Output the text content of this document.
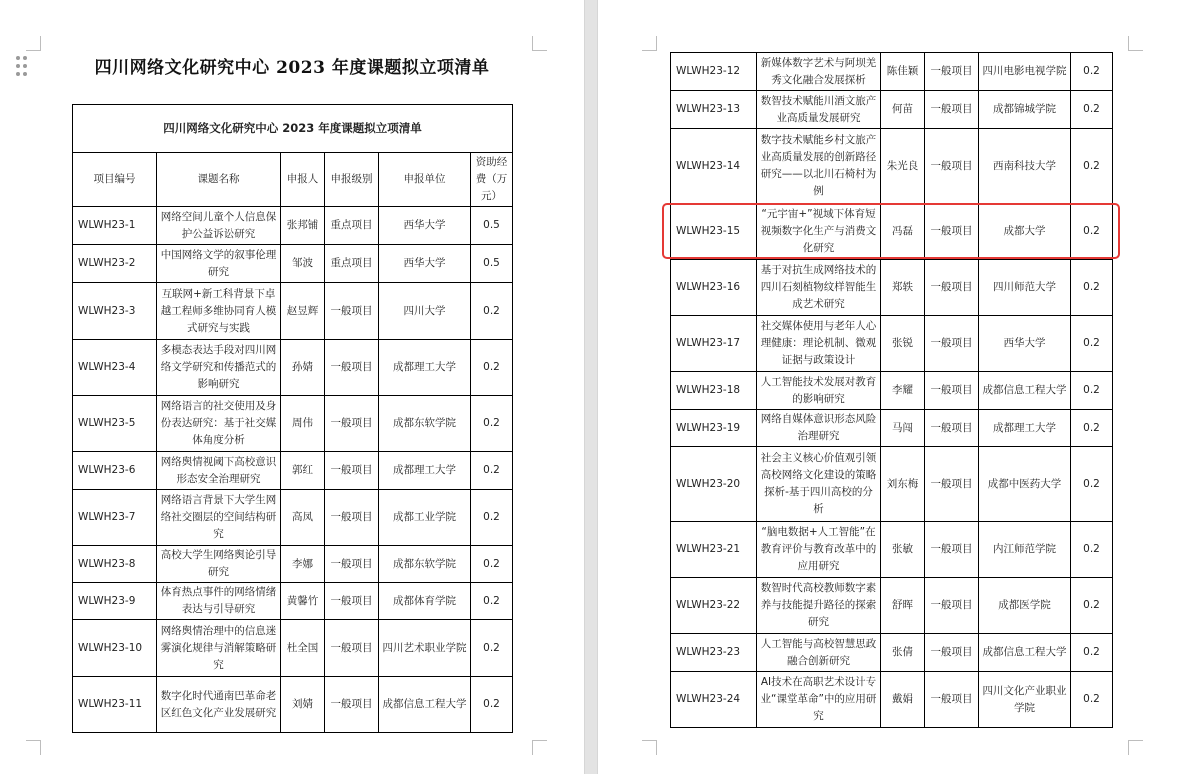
四川网络文化研究中心 2023 年度课题拟立项清单
四川网络文化研究中心 2023 年度课题拟立项清单					
项目编号	课题名称	申报人	申报级别	申报单位	资助经费（万元）
WLWH23-1	网络空间儿童个人信息保护公益诉讼研究	张邦铺	重点项目	西华大学	0.5
WLWH23-2	中国网络文学的叙事伦理研究	邹波	重点项目	西华大学	0.5
WLWH23-3	互联网+新工科背景下卓越工程师多维协同育人模式研究与实践	赵昱辉	一般项目	四川大学	0.2
WLWH23-4	多模态表达手段对四川网络文学研究和传播范式的影响研究	孙婧	一般项目	成都理工大学	0.2
WLWH23-5	网络语言的社交使用及身份表达研究：基于社交媒体角度分析	周伟	一般项目	成都东软学院	0.2
WLWH23-6	网络舆情视阈下高校意识形态安全治理研究	郭红	一般项目	成都理工大学	0.2
WLWH23-7	网络语言背景下大学生网络社交圈层的空间结构研究	高凤	一般项目	成都工业学院	0.2
WLWH23-8	高校大学生网络舆论引导研究	李娜	一般项目	成都东软学院	0.2
WLWH23-9	体育热点事件的网络情绪表达与引导研究	黄馨竹	一般项目	成都体育学院	0.2
WLWH23-10	网络舆情治理中的信息迷雾演化规律与消解策略研究	杜全国	一般项目	四川艺术职业学院	0.2
WLWH23-11	数字化时代通南巴革命老区红色文化产业发展研究	刘婧	一般项目	成都信息工程大学	0.2
WLWH23-12	新媒体数字艺术与阿坝羌秀文化融合发展探析	陈佳颖	一般项目	四川电影电视学院	0.2
WLWH23-13	数智技术赋能川酒文旅产业高质量发展研究	何苗	一般项目	成都锦城学院	0.2
WLWH23-14	数字技术赋能乡村文旅产业高质量发展的创新路径研究——以北川石椅村为例	朱光良	一般项目	西南科技大学	0.2
WLWH23-15	“元宇宙+”视域下体育短视频数字化生产与消费文化研究	冯磊	一般项目	成都大学	0.2
WLWH23-16	基于对抗生成网络技术的四川石刻植物纹样智能生成艺术研究	郑轶	一般项目	四川师范大学	0.2
WLWH23-17	社交媒体使用与老年人心理健康：理论机制、微观证据与政策设计	张锐	一般项目	西华大学	0.2
WLWH23-18	人工智能技术发展对教育的影响研究	李耀	一般项目	成都信息工程大学	0.2
WLWH23-19	网络自媒体意识形态风险治理研究	马闯	一般项目	成都理工大学	0.2
WLWH23-20	社会主义核心价值观引领高校网络文化建设的策略探析-基于四川高校的分析	刘东梅	一般项目	成都中医药大学	0.2
WLWH23-21	“脑电数据+人工智能”在教育评价与教育改革中的应用研究	张敏	一般项目	内江师范学院	0.2
WLWH23-22	数智时代高校教师数字素养与技能提升路径的探索研究	舒晖	一般项目	成都医学院	0.2
WLWH23-23	人工智能与高校智慧思政融合创新研究	张倩	一般项目	成都信息工程大学	0.2
WLWH23-24	AI技术在高职艺术设计专业“课堂革命”中的应用研究	戴娟	一般项目	四川文化产业职业学院	0.2
